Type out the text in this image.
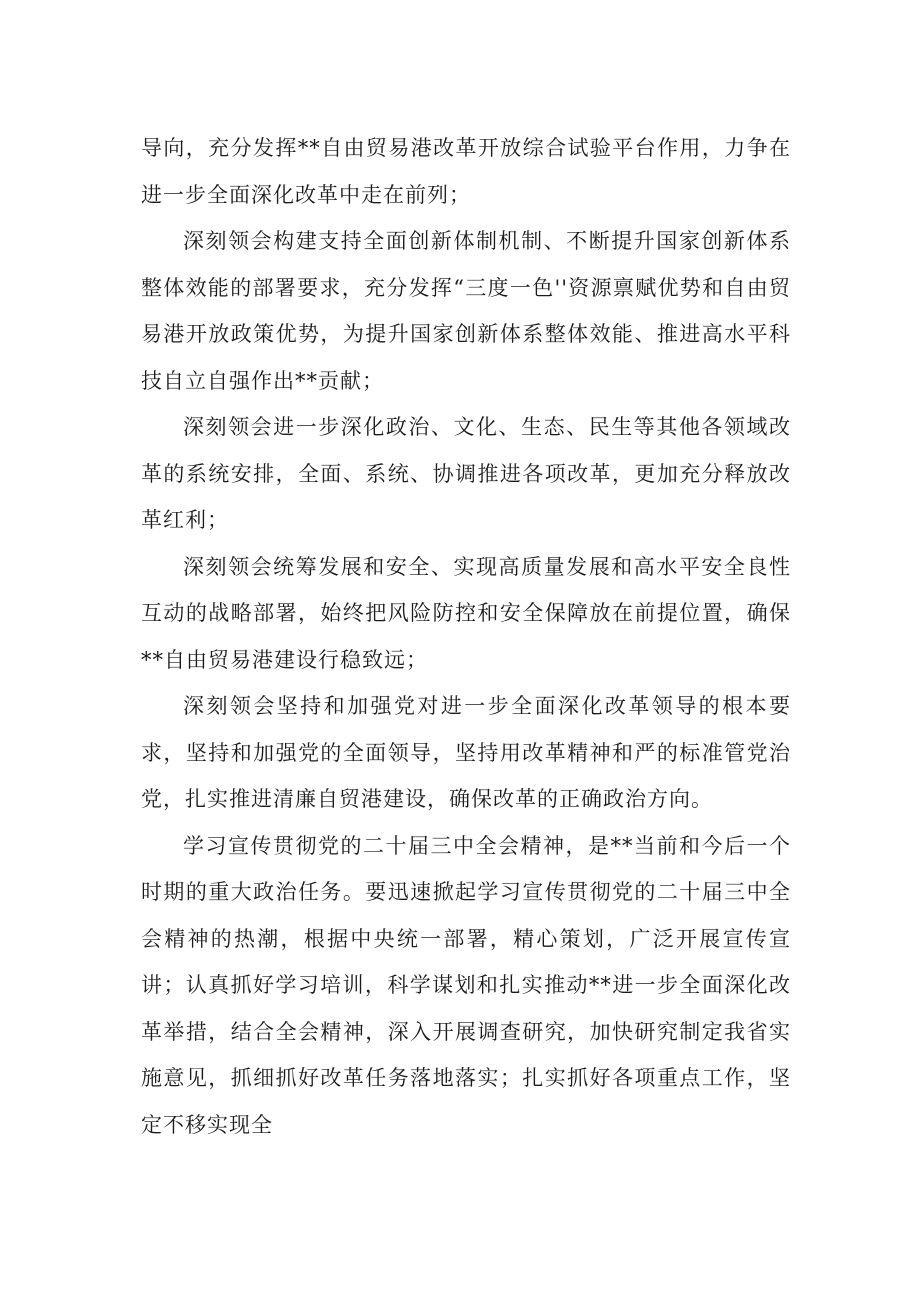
导向，充分发挥**自由贸易港改革开放综合试验平台作用，力争在进一步全面深化改革中走在前列；

深刻领会构建支持全面创新体制机制、不断提升国家创新体系整体效能的部署要求，充分发挥“三度一色''资源禀赋优势和自由贸易港开放政策优势，为提升国家创新体系整体效能、推进高水平科技自立自强作出**贡献；

深刻领会进一步深化政治、文化、生态、民生等其他各领域改革的系统安排，全面、系统、协调推进各项改革，更加充分释放改革红利；

深刻领会统筹发展和安全、实现高质量发展和高水平安全良性互动的战略部署，始终把风险防控和安全保障放在前提位置，确保**自由贸易港建设行稳致远；

深刻领会坚持和加强党对进一步全面深化改革领导的根本要求，坚持和加强党的全面领导，坚持用改革精神和严的标准管党治党，扎实推进清廉自贸港建设，确保改革的正确政治方向。

学习宣传贯彻党的二十届三中全会精神，是**当前和今后一个时期的重大政治任务。要迅速掀起学习宣传贯彻党的二十届三中全会精神的热潮，根据中央统一部署，精心策划，广泛开展宣传宣讲；认真抓好学习培训，科学谋划和扎实推动**进一步全面深化改革举措，结合全会精神，深入开展调查研究，加快研究制定我省实施意见，抓细抓好改革任务落地落实；扎实抓好各项重点工作，坚定不移实现全
